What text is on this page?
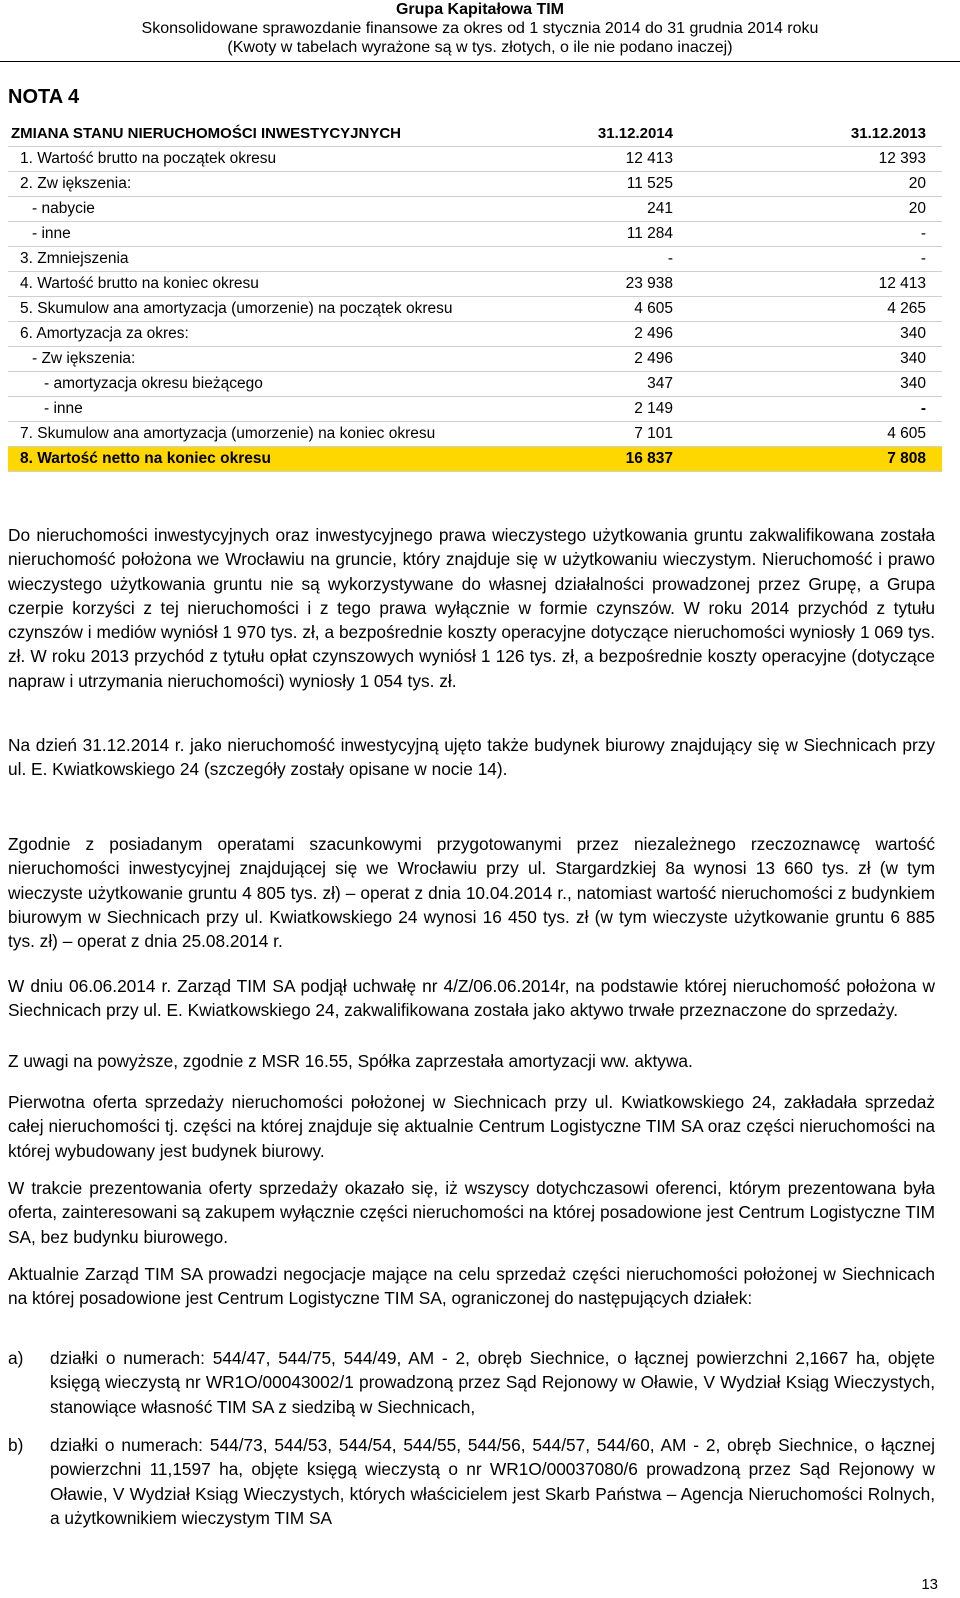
Grupa Kapitałowa TIM
Skonsolidowane sprawozdanie finansowe za okres od 1 stycznia 2014 do 31 grudnia 2014 roku
(Kwoty w tabelach wyrażone są w tys. złotych, o ile nie podano inaczej)
NOTA 4
ZMIANA STANU NIERUCHOMOŚCI INWESTYCYJNYCH	31.12.2014	31.12.2013
1. Wartość brutto na początek okresu	12 413	12 393
2. Zw iększenia:	11 525	20
- nabycie	241	20
- inne	11 284	-
3. Zmniejszenia	-	-
4. Wartość brutto na koniec okresu	23 938	12 413
5. Skumulow ana amortyzacja (umorzenie) na początek okresu	4 605	4 265
6. Amortyzacja za okres:	2 496	340
- Zw iększenia:	2 496	340
- amortyzacja okresu bieżącego	347	340
- inne	2 149	-
7. Skumulow ana amortyzacja (umorzenie) na koniec okresu	7 101	4 605
8. Wartość netto na koniec okresu	16 837	7 808
Do nieruchomości inwestycyjnych oraz inwestycyjnego prawa wieczystego użytkowania gruntu zakwalifikowana została nieruchomość położona we Wrocławiu na gruncie, który znajduje się w użytkowaniu wieczystym. Nieruchomość i prawo wieczystego użytkowania gruntu nie są wykorzystywane do własnej działalności prowadzonej przez Grupę, a Grupa czerpie korzyści z tej nieruchomości i z tego prawa wyłącznie w formie czynszów. W roku 2014 przychód z tytułu czynszów i mediów wyniósł 1 970 tys. zł, a bezpośrednie koszty operacyjne dotyczące nieruchomości wyniosły 1 069 tys. zł. W roku 2013 przychód z tytułu opłat czynszowych wyniósł 1 126 tys. zł, a bezpośrednie koszty operacyjne (dotyczące napraw i utrzymania nieruchomości) wyniosły 1 054 tys. zł.
Na dzień 31.12.2014 r. jako nieruchomość inwestycyjną ujęto także budynek biurowy znajdujący się w Siechnicach przy ul. E. Kwiatkowskiego 24 (szczegóły zostały opisane w nocie 14).
Zgodnie z posiadanym operatami szacunkowymi przygotowanymi przez niezależnego rzeczoznawcę wartość nieruchomości inwestycyjnej znajdującej się we Wrocławiu przy ul. Stargardzkiej 8a wynosi 13 660 tys. zł (w tym wieczyste użytkowanie gruntu 4 805 tys. zł) – operat z dnia 10.04.2014 r., natomiast wartość nieruchomości z budynkiem biurowym w Siechnicach przy ul. Kwiatkowskiego 24 wynosi 16 450 tys. zł (w tym wieczyste użytkowanie gruntu 6 885 tys. zł) – operat z dnia 25.08.2014 r.
W dniu 06.06.2014 r. Zarząd TIM SA podjął uchwałę nr 4/Z/06.06.2014r, na podstawie której nieruchomość położona w Siechnicach przy ul. E. Kwiatkowskiego 24, zakwalifikowana została jako aktywo trwałe przeznaczone do sprzedaży.
Z uwagi na powyższe, zgodnie z MSR 16.55, Spółka zaprzestała amortyzacji ww. aktywa.
Pierwotna oferta sprzedaży nieruchomości położonej w Siechnicach przy ul. Kwiatkowskiego 24, zakładała sprzedaż całej nieruchomości tj. części na której znajduje się aktualnie Centrum Logistyczne TIM SA oraz części nieruchomości na której wybudowany jest budynek biurowy.
W trakcie prezentowania oferty sprzedaży okazało się, iż wszyscy dotychczasowi oferenci, którym prezentowana była oferta, zainteresowani są zakupem wyłącznie części nieruchomości na której posadowione jest Centrum Logistyczne TIM SA, bez budynku biurowego.
Aktualnie Zarząd TIM SA prowadzi negocjacje mające na celu sprzedaż części nieruchomości położonej w Siechnicach na której posadowione jest Centrum Logistyczne TIM SA, ograniczonej do następujących działek:
a) działki o numerach: 544/47, 544/75, 544/49, AM - 2, obręb Siechnice, o łącznej powierzchni 2,1667 ha, objęte księgą wieczystą nr WR1O/00043002/1 prowadzoną przez Sąd Rejonowy w Oławie, V Wydział Ksiąg Wieczystych, stanowiące własność TIM SA z siedzibą w Siechnicach,
b) działki o numerach: 544/73, 544/53, 544/54, 544/55, 544/56, 544/57, 544/60, AM - 2, obręb Siechnice, o łącznej powierzchni 11,1597 ha, objęte księgą wieczystą o nr WR1O/00037080/6 prowadzoną przez Sąd Rejonowy w Oławie, V Wydział Ksiąg Wieczystych, których właścicielem jest Skarb Państwa – Agencja Nieruchomości Rolnych, a użytkownikiem wieczystym TIM SA
13
